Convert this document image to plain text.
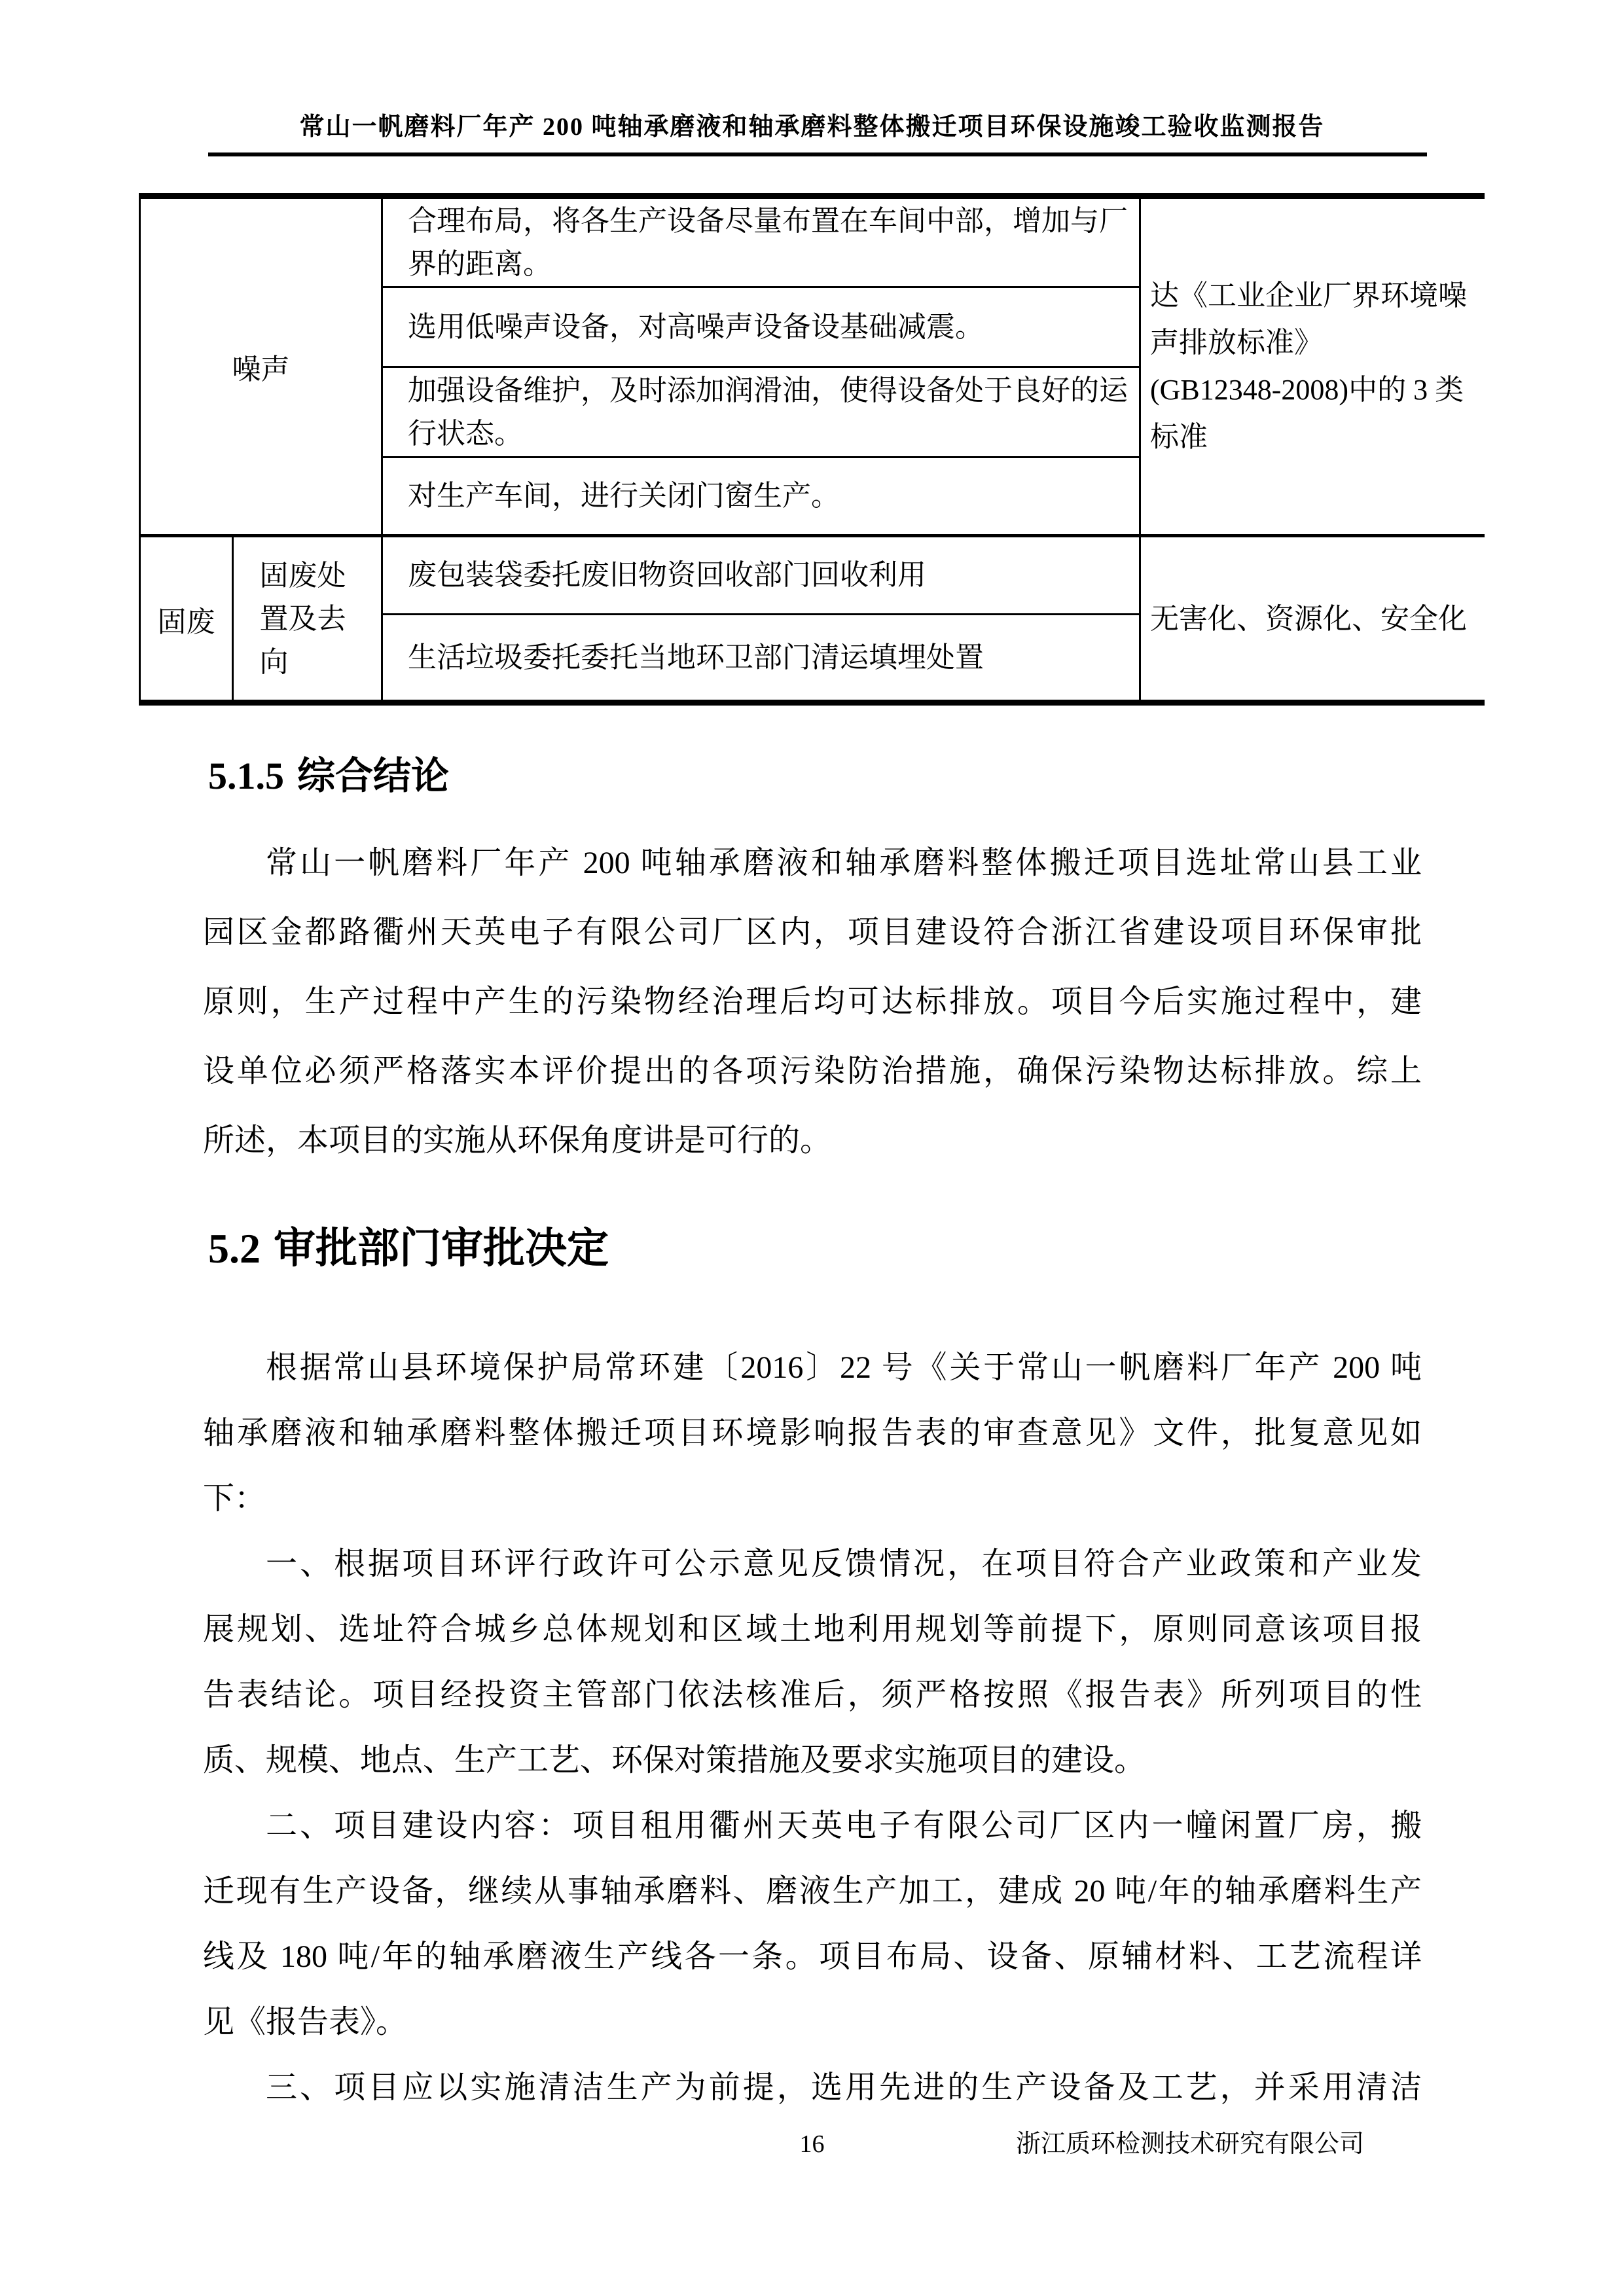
常山一帆磨料厂年产 200 吨轴承磨液和轴承磨料整体搬迁项目环保设施竣工验收监测报告
噪声
合理布局，将各生产设备尽量布置在车间中部，增加与厂界的距离。
选用低噪声设备，对高噪声设备设基础减震。
加强设备维护，及时添加润滑油，使得设备处于良好的运行状态。
对生产车间，进行关闭门窗生产。
达《工业企业厂界环境噪
声排放标准》
(GB12348-2008)中的 3 类
标准
固废
固废处置及去向
废包装袋委托废旧物资回收部门回收利用
生活垃圾委托委托当地环卫部门清运填埋处置
无害化、资源化、安全化
5.1.5 综合结论
常山一帆磨料厂年产 200 吨轴承磨液和轴承磨料整体搬迁项目选址常山县工业
园区金都路衢州天英电子有限公司厂区内，项目建设符合浙江省建设项目环保审批
原则，生产过程中产生的污染物经治理后均可达标排放。项目今后实施过程中，建
设单位必须严格落实本评价提出的各项污染防治措施，确保污染物达标排放。综上
所述，本项目的实施从环保角度讲是可行的。
5.2 审批部门审批决定
根据常山县环境保护局常环建〔2016〕22 号《关于常山一帆磨料厂年产 200 吨
轴承磨液和轴承磨料整体搬迁项目环境影响报告表的审查意见》文件，批复意见如
下：
一、根据项目环评行政许可公示意见反馈情况，在项目符合产业政策和产业发
展规划、选址符合城乡总体规划和区域土地利用规划等前提下，原则同意该项目报
告表结论。项目经投资主管部门依法核准后，须严格按照《报告表》所列项目的性
质、规模、地点、生产工艺、环保对策措施及要求实施项目的建设。
二、项目建设内容：项目租用衢州天英电子有限公司厂区内一幢闲置厂房，搬
迁现有生产设备，继续从事轴承磨料、磨液生产加工，建成 20 吨/年的轴承磨料生产
线及 180 吨/年的轴承磨液生产线各一条。项目布局、设备、原辅材料、工艺流程详
见《报告表》。
三、项目应以实施清洁生产为前提，选用先进的生产设备及工艺，并采用清洁
16	浙江质环检测技术研究有限公司
